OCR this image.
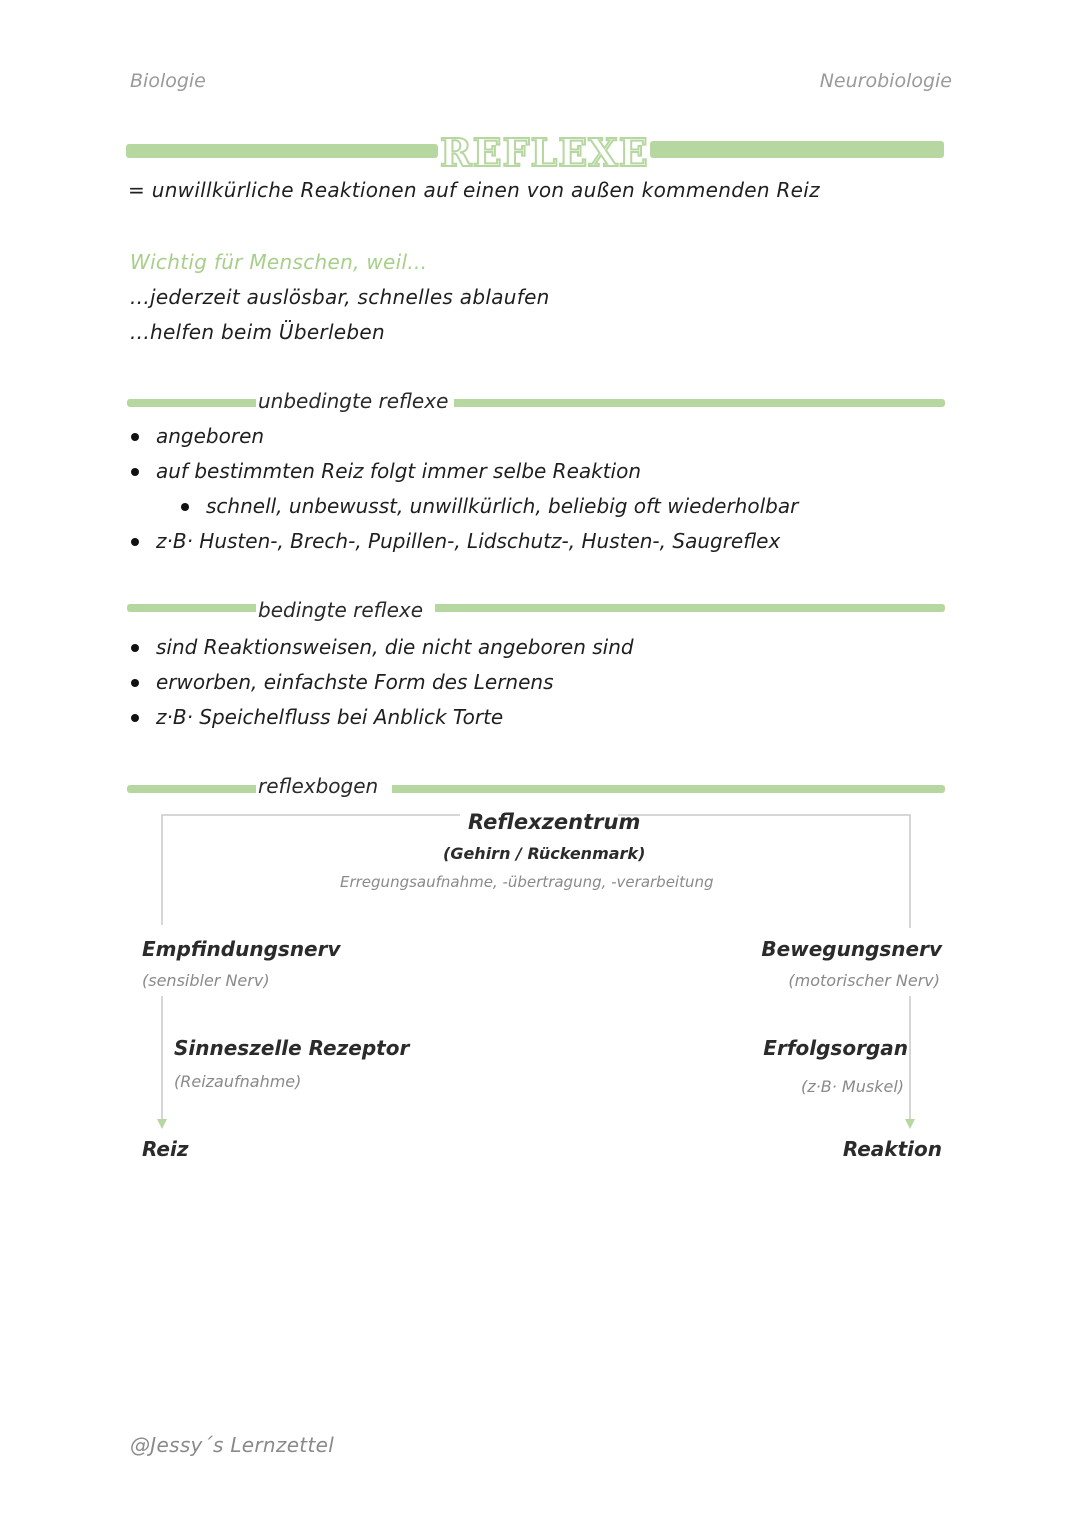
Biologie	Neurobiologie
REFLEXE
= unwillkürliche Reaktionen auf einen von außen kommenden Reiz
Wichtig für Menschen, weil...
...jederzeit auslösbar, schnelles ablaufen
...helfen beim Überleben
unbedingte reflexe
angeboren
auf bestimmten Reiz folgt immer selbe Reaktion
schnell, unbewusst, unwillkürlich, beliebig oft wiederholbar
z·B· Husten-, Brech-, Pupillen-, Lidschutz-, Husten-, Saugreflex
bedingte reflexe
sind Reaktionsweisen, die nicht angeboren sind
erworben, einfachste Form des Lernens
z·B· Speichelfluss bei Anblick Torte
reflexbogen
Reflexzentrum
(Gehirn / Rückenmark)
Erregungsaufnahme, -übertragung, -verarbeitung
Empfindungsnerv
(sensibler Nerv)
Sinneszelle Rezeptor
(Reizaufnahme)
Reiz
Bewegungsnerv
(motorischer Nerv)
Erfolgsorgan
(z·B· Muskel)
Reaktion
@Jessy´s Lernzettel
